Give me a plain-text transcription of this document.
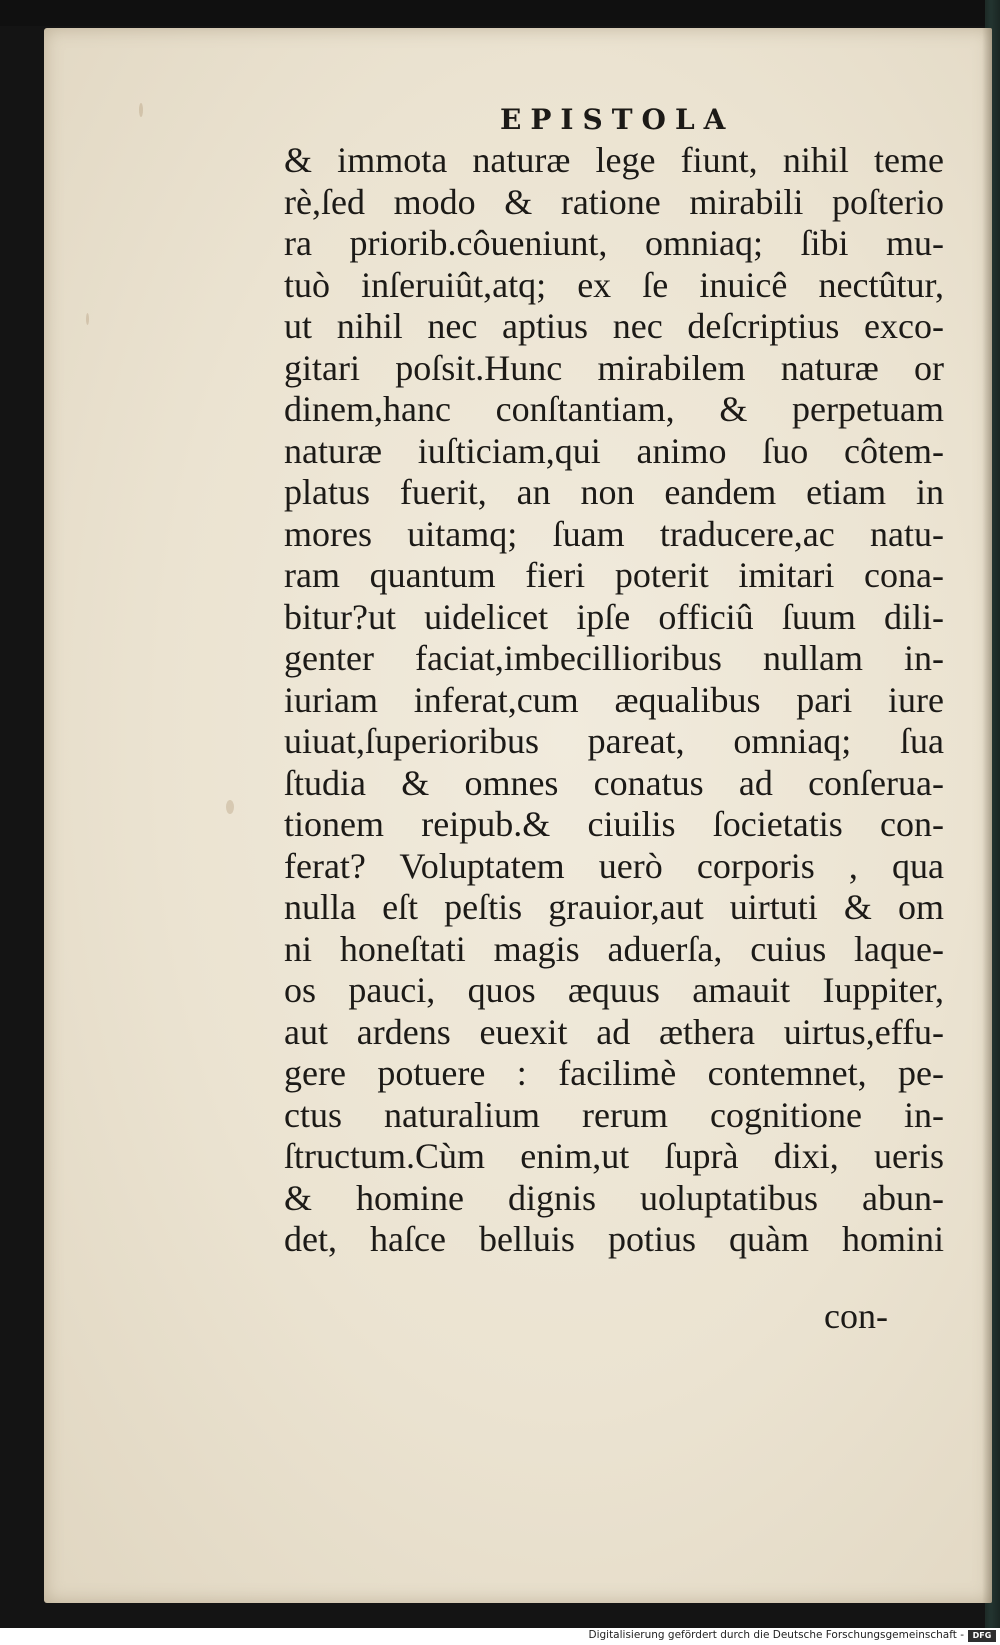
EPISTOLA
& immota naturæ lege fiunt, nihil teme
rè,ſed modo & ratione mirabili poſterio
ra priorib.côueniunt, omniaq; ſibi mu-
tuò inſeruiût,atq; ex ſe inuicê nectûtur,
ut nihil nec aptius nec deſcriptius exco-
gitari poſsit.Hunc mirabilem naturæ or
dinem,hanc conſtantiam, & perpetuam
naturæ iuſticiam,qui animo ſuo côtem-
platus fuerit, an non eandem etiam in
mores uitamq; ſuam traducere,ac natu-
ram quantum fieri poterit imitari cona-
bitur?ut uidelicet ipſe officiû ſuum dili-
genter faciat,imbecillioribus nullam in-
iuriam inferat,cum æqualibus pari iure
uiuat,ſuperioribus pareat, omniaq; ſua
ſtudia & omnes conatus ad conſerua-
tionem reipub.& ciuilis ſocietatis con-
ferat? Voluptatem uerò corporis , qua
nulla eſt peſtis grauior,aut uirtuti & om
ni honeſtati magis aduerſa, cuius laque-
os pauci, quos æquus amauit Iuppiter,
aut ardens euexit ad æthera uirtus,effu-
gere potuere : facilimè contemnet, pe-
ctus naturalium rerum cognitione in-
ſtructum.Cùm enim,ut ſuprà dixi, ueris
& homine dignis uoluptatibus abun-
det, haſce belluis potius quàm homini
con-
Digitalisierung gefördert durch die Deutsche Forschungsgemeinschaft -	DFG
